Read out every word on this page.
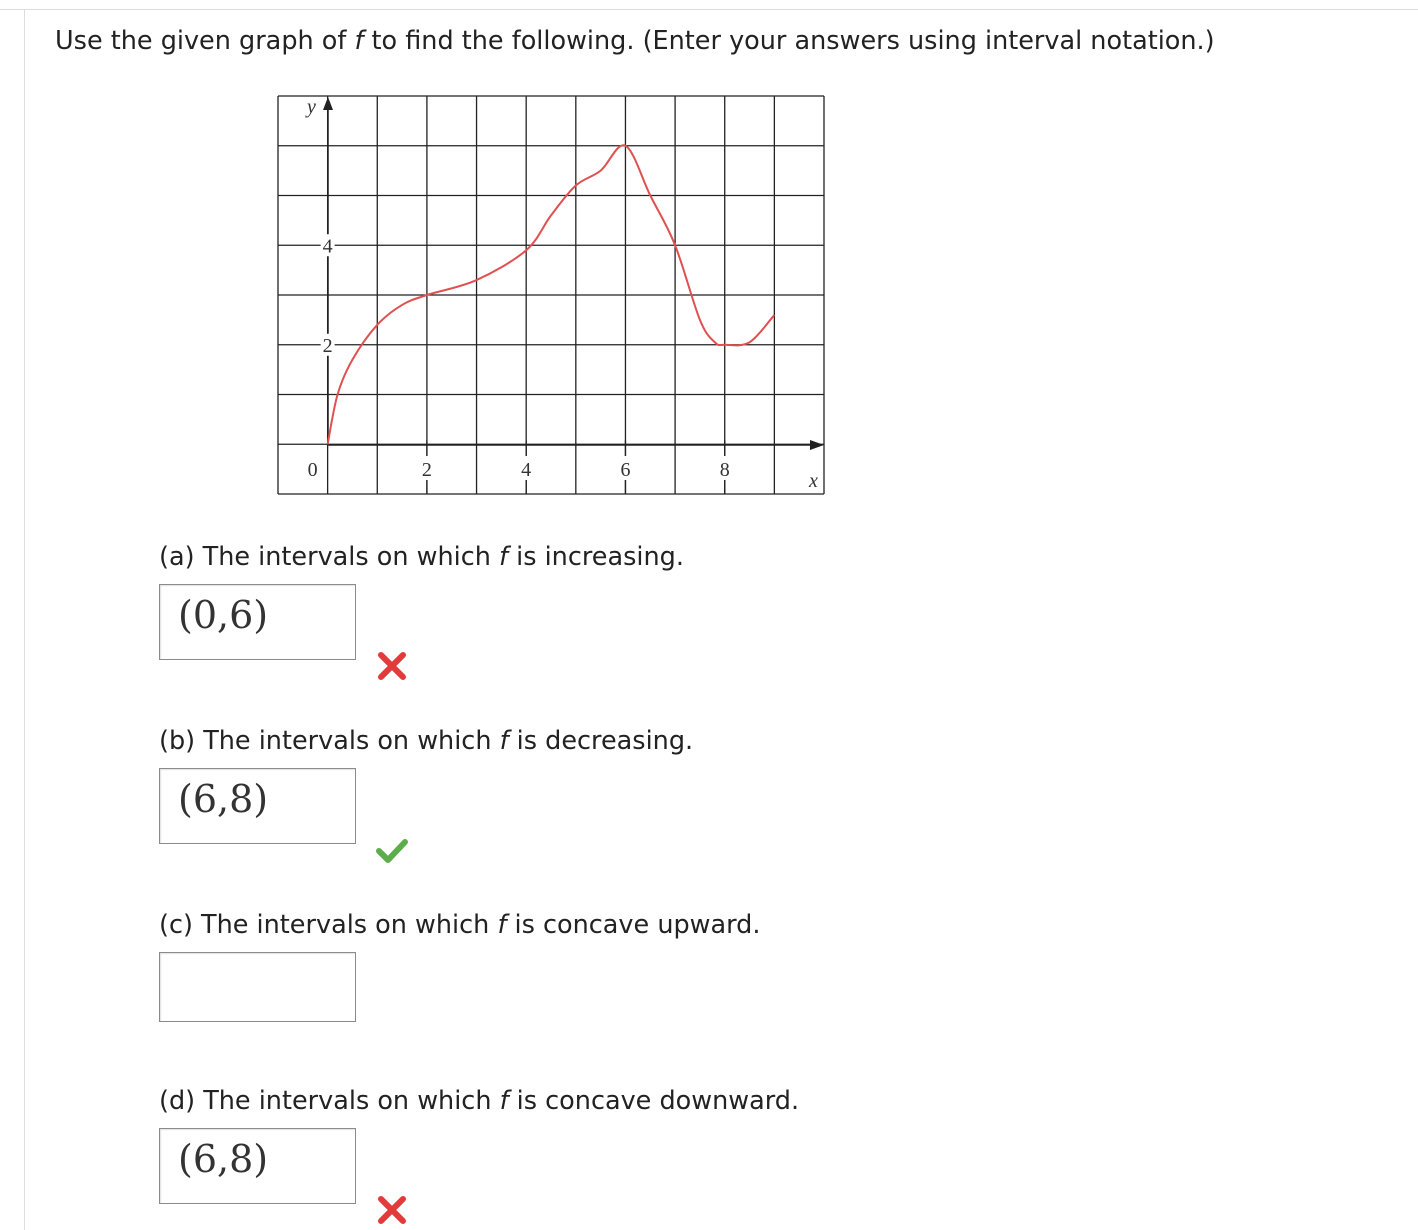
Use the given graph of f to find the following. (Enter your answers using interval notation.)
4
2
0	2	4	6	8
y
x
(a) The intervals on which f is increasing.
(0,6)
(b) The intervals on which f is decreasing.
(6,8)
(c) The intervals on which f is concave upward.
(d) The intervals on which f is concave downward.
(6,8)
